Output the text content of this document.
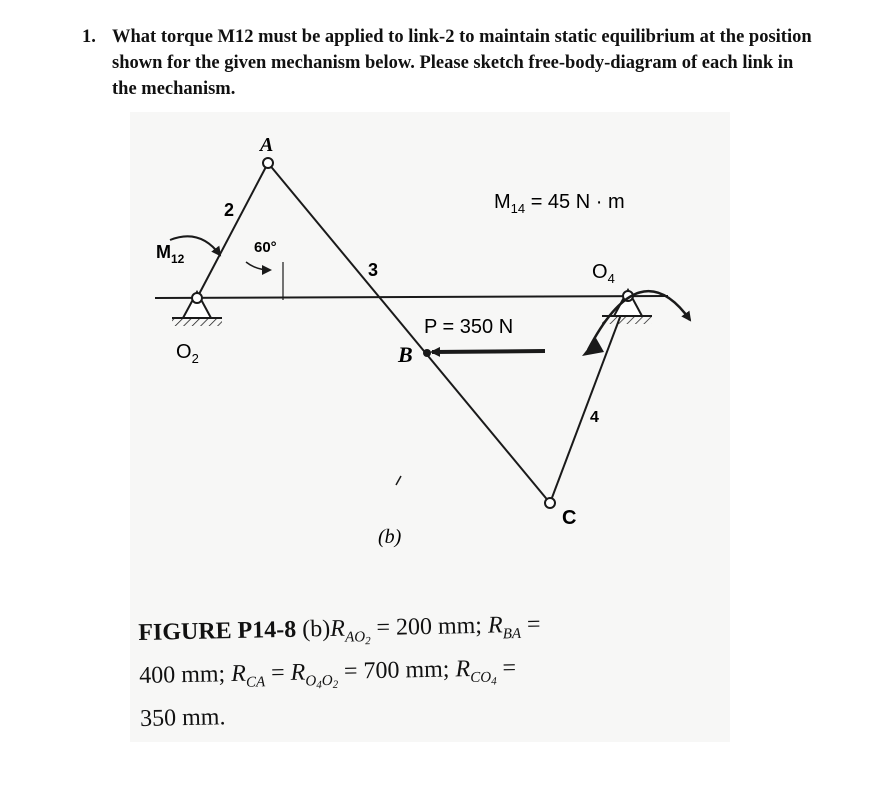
1. What torque M12 must be applied to link-2 to maintain static equilibrium at the position shown for the given mechanism below. Please sketch free-body-diagram of each link in the mechanism.
A
2
3
4
B
C
$O_2$
$O_4$
$M_{12}$
60°
$M_{14} = 45$ N · m
P = 350 N
(b)
FIGURE P14-8 $(b)R_{AO_2} = 200$ mm; $R_{BA}$ =
400 mm; $R_{CA} = R_{O_4O_2} = 700$ mm; $R_{CO_4}$ =
350 mm.
